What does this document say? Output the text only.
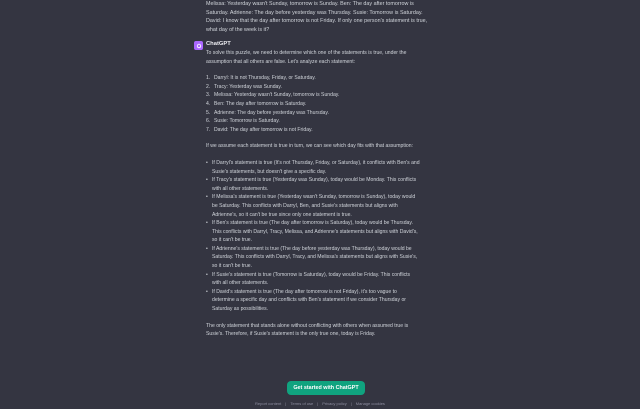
Melissa: Yesterday wasn't Sunday, tomorrow is Sunday. Ben: The day after tomorrow is
Saturday. Adrienne: The day before yesterday was Thursday. Susie: Tomorrow is Saturday.
David: I know that the day after tomorrow is not Friday. If only one person's statement is true,
what day of the week is it?
ChatGPT
To solve this puzzle, we need to determine which one of the statements is true, under the
assumption that all others are false. Let's analyze each statement:
1. Darryl: It is not Thursday, Friday, or Saturday.
2. Tracy: Yesterday was Sunday.
3. Melissa: Yesterday wasn't Sunday, tomorrow is Sunday.
4. Ben: The day after tomorrow is Saturday.
5. Adrienne: The day before yesterday was Thursday.
6. Susie: Tomorrow is Saturday.
7. David: The day after tomorrow is not Friday.
If we assume each statement is true in turn, we can see which day fits with that assumption:
• If Darryl's statement is true (It's not Thursday, Friday, or Saturday), it conflicts with Ben's and
Susie's statements, but doesn't give a specific day.
• If Tracy's statement is true (Yesterday was Sunday), today would be Monday. This conflicts
with all other statements.
• If Melissa's statement is true (Yesterday wasn't Sunday, tomorrow is Sunday), today would
be Saturday. This conflicts with Darryl, Ben, and Susie's statements but aligns with
Adrienne's, so it can't be true since only one statement is true.
• If Ben's statement is true (The day after tomorrow is Saturday), today would be Thursday.
This conflicts with Darryl, Tracy, Melissa, and Adrienne's statements but aligns with David's,
so it can't be true.
• If Adrienne's statement is true (The day before yesterday was Thursday), today would be
Saturday. This conflicts with Darryl, Tracy, and Melissa's statements but aligns with Susie's,
so it can't be true.
• If Susie's statement is true (Tomorrow is Saturday), today would be Friday. This conflicts
with all other statements.
• If David's statement is true (The day after tomorrow is not Friday), it's too vague to
determine a specific day and conflicts with Ben's statement if we consider Thursday or
Saturday as possibilities.
The only statement that stands alone without conflicting with others when assumed true is
Susie's. Therefore, if Susie's statement is the only true one, today is Friday.
Get started with ChatGPT
Report content | Terms of use | Privacy policy | Manage cookies
